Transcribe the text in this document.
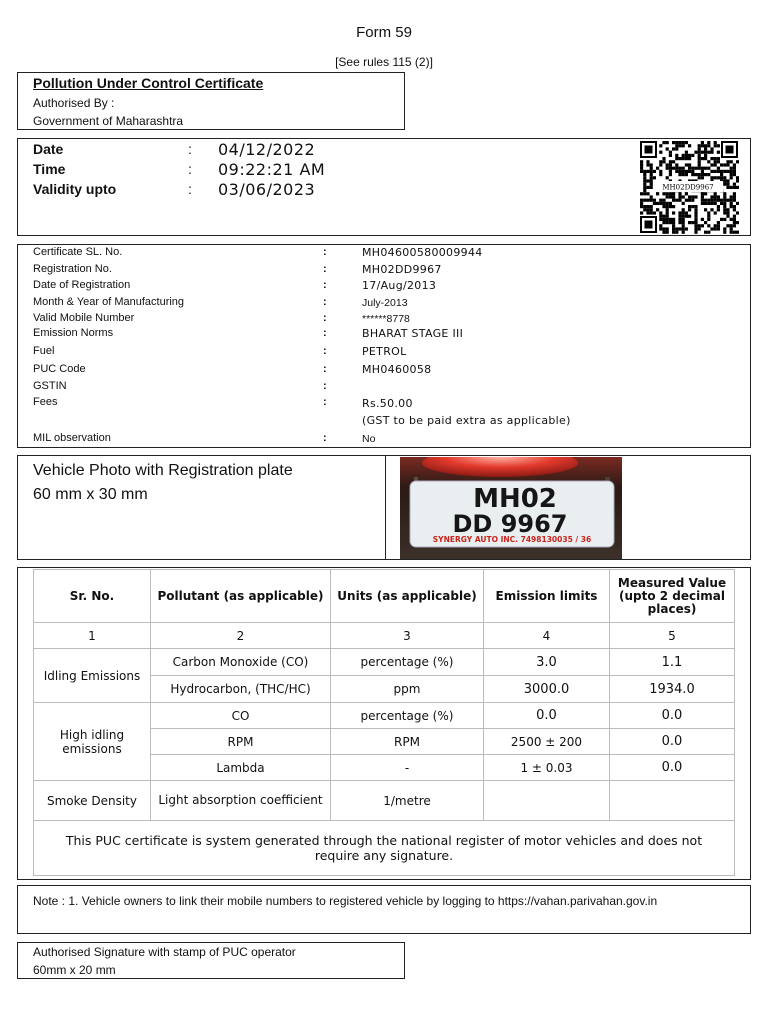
Form 59
[See rules 115 (2)]
Pollution Under Control Certificate
Authorised By :
Government of Maharashtra
Date	: 04/12/2022
Time	: 09:22:21 AM
Validity upto	: 03/06/2023	MH02DD9967
Certificate SL. No.	:	MH04600580009944
Registration No.	:	MH02DD9967
Date of Registration	:	17/Aug/2013
Month & Year of Manufacturing	:	July-2013
Valid Mobile Number	:	******8778
Emission Norms	:	BHARAT STAGE III
Fuel	:	PETROL
PUC Code	:	MH0460058
GSTIN	:
Fees	:	Rs.50.00
(GST to be paid extra as applicable)
MIL observation	:	No
Vehicle Photo with Registration plate
60 mm x 30 mm	MH02
DD 9967
SYNERGY AUTO INC. 7498130035 / 36
Sr. No.	Pollutant (as applicable)	Units (as applicable)	Emission limits	Measured Value (upto 2 decimal places)
1	2	3	4	5
Idling Emissions	Carbon Monoxide (CO)	percentage (%)	3.0	1.1
	Hydrocarbon, (THC/HC)	ppm	3000.0	1934.0
High idling emissions	CO	percentage (%)	0.0	0.0
	RPM	RPM	2500 ± 200	0.0
	Lambda	-	1 ± 0.03	0.0
Smoke Density	Light absorption coefficient	1/metre		
This PUC certificate is system generated through the national register of motor vehicles and does not require any signature.				
Note : 1. Vehicle owners to link their mobile numbers to registered vehicle by logging to https://vahan.parivahan.gov.in
Authorised Signature with stamp of PUC operator
60mm x 20 mm
